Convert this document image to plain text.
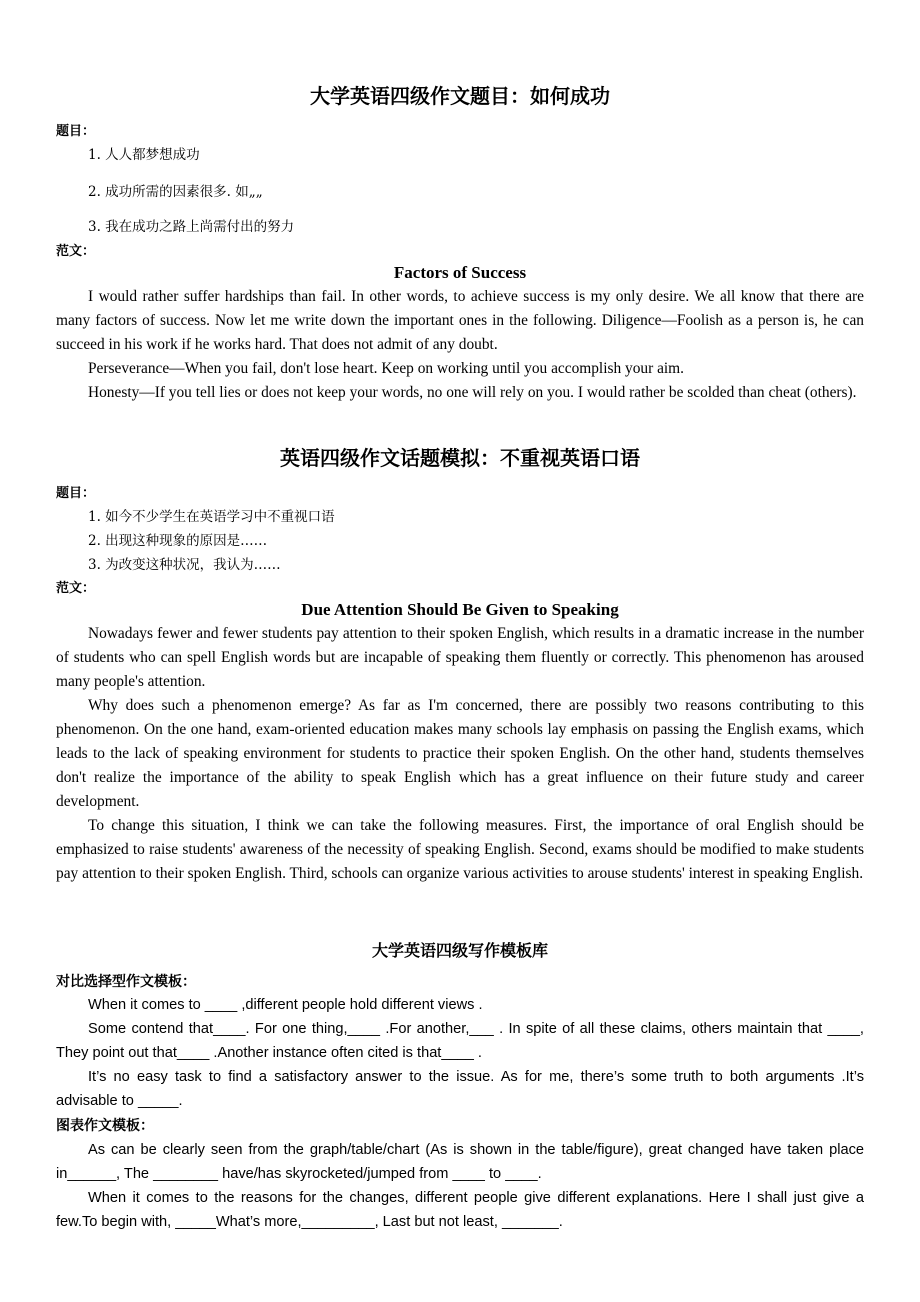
大学英语四级作文题目：如何成功
题目：
1. 人人都梦想成功
2. 成功所需的因素很多. 如„„
3. 我在成功之路上尚需付出的努力
范文：
Factors of Success

I would rather suffer hardships than fail. In other words, to achieve success is my only desire. We all know that there are many factors of success. Now let me write down the important ones in the following. Diligence—Foolish as a person is, he can succeed in his work if he works hard. That does not admit of any doubt.

Perseverance—When you fail, don't lose heart. Keep on working until you accomplish your aim.

Honesty—If you tell lies or does not keep your words, no one will rely on you. I would rather be scolded than cheat (others).

英语四级作文话题模拟：不重视英语口语
题目：
1. 如今不少学生在英语学习中不重视口语
2. 出现这种现象的原因是……
3. 为改变这种状况，我认为……
范文：
Due Attention Should Be Given to Speaking

Nowadays fewer and fewer students pay attention to their spoken English, which results in a dramatic increase in the number of students who can spell English words but are incapable of speaking them fluently or correctly. This phenomenon has aroused many people's attention.

Why does such a phenomenon emerge? As far as I'm concerned, there are possibly two reasons contributing to this phenomenon. On the one hand, exam-oriented education makes many schools lay emphasis on passing the English exams, which leads to the lack of speaking environment for students to practice their spoken English. On the other hand, students themselves don't realize the importance of the ability to speak English which has a great influence on their future study and career development.

To change this situation, I think we can take the following measures. First, the importance of oral English should be emphasized to raise students' awareness of the necessity of speaking English. Second, exams should be modified to make students pay attention to their spoken English. Third, schools can organize various activities to arouse students' interest in speaking English.

大学英语四级写作模板库
对比选择型作文模板：

When it comes to ____ ,different people hold different views .

Some contend that____. For one thing,____ .For another,___ . In spite of all these claims, others maintain that ____, They point out that____ .Another instance often cited is that____ .

It’s no easy task to find a satisfactory answer to the issue. As for me, there’s some truth to both arguments .It’s advisable to _____.

图表作文模板：

As can be clearly seen from the graph/table/chart (As is shown in the table/figure), great changed have taken place in______, The ________ have/has skyrocketed/jumped from ____ to ____.

When it comes to the reasons for the changes, different people give different explanations. Here I shall just give a few.To begin with, _____What’s more,_________, Last but not least, _______.
